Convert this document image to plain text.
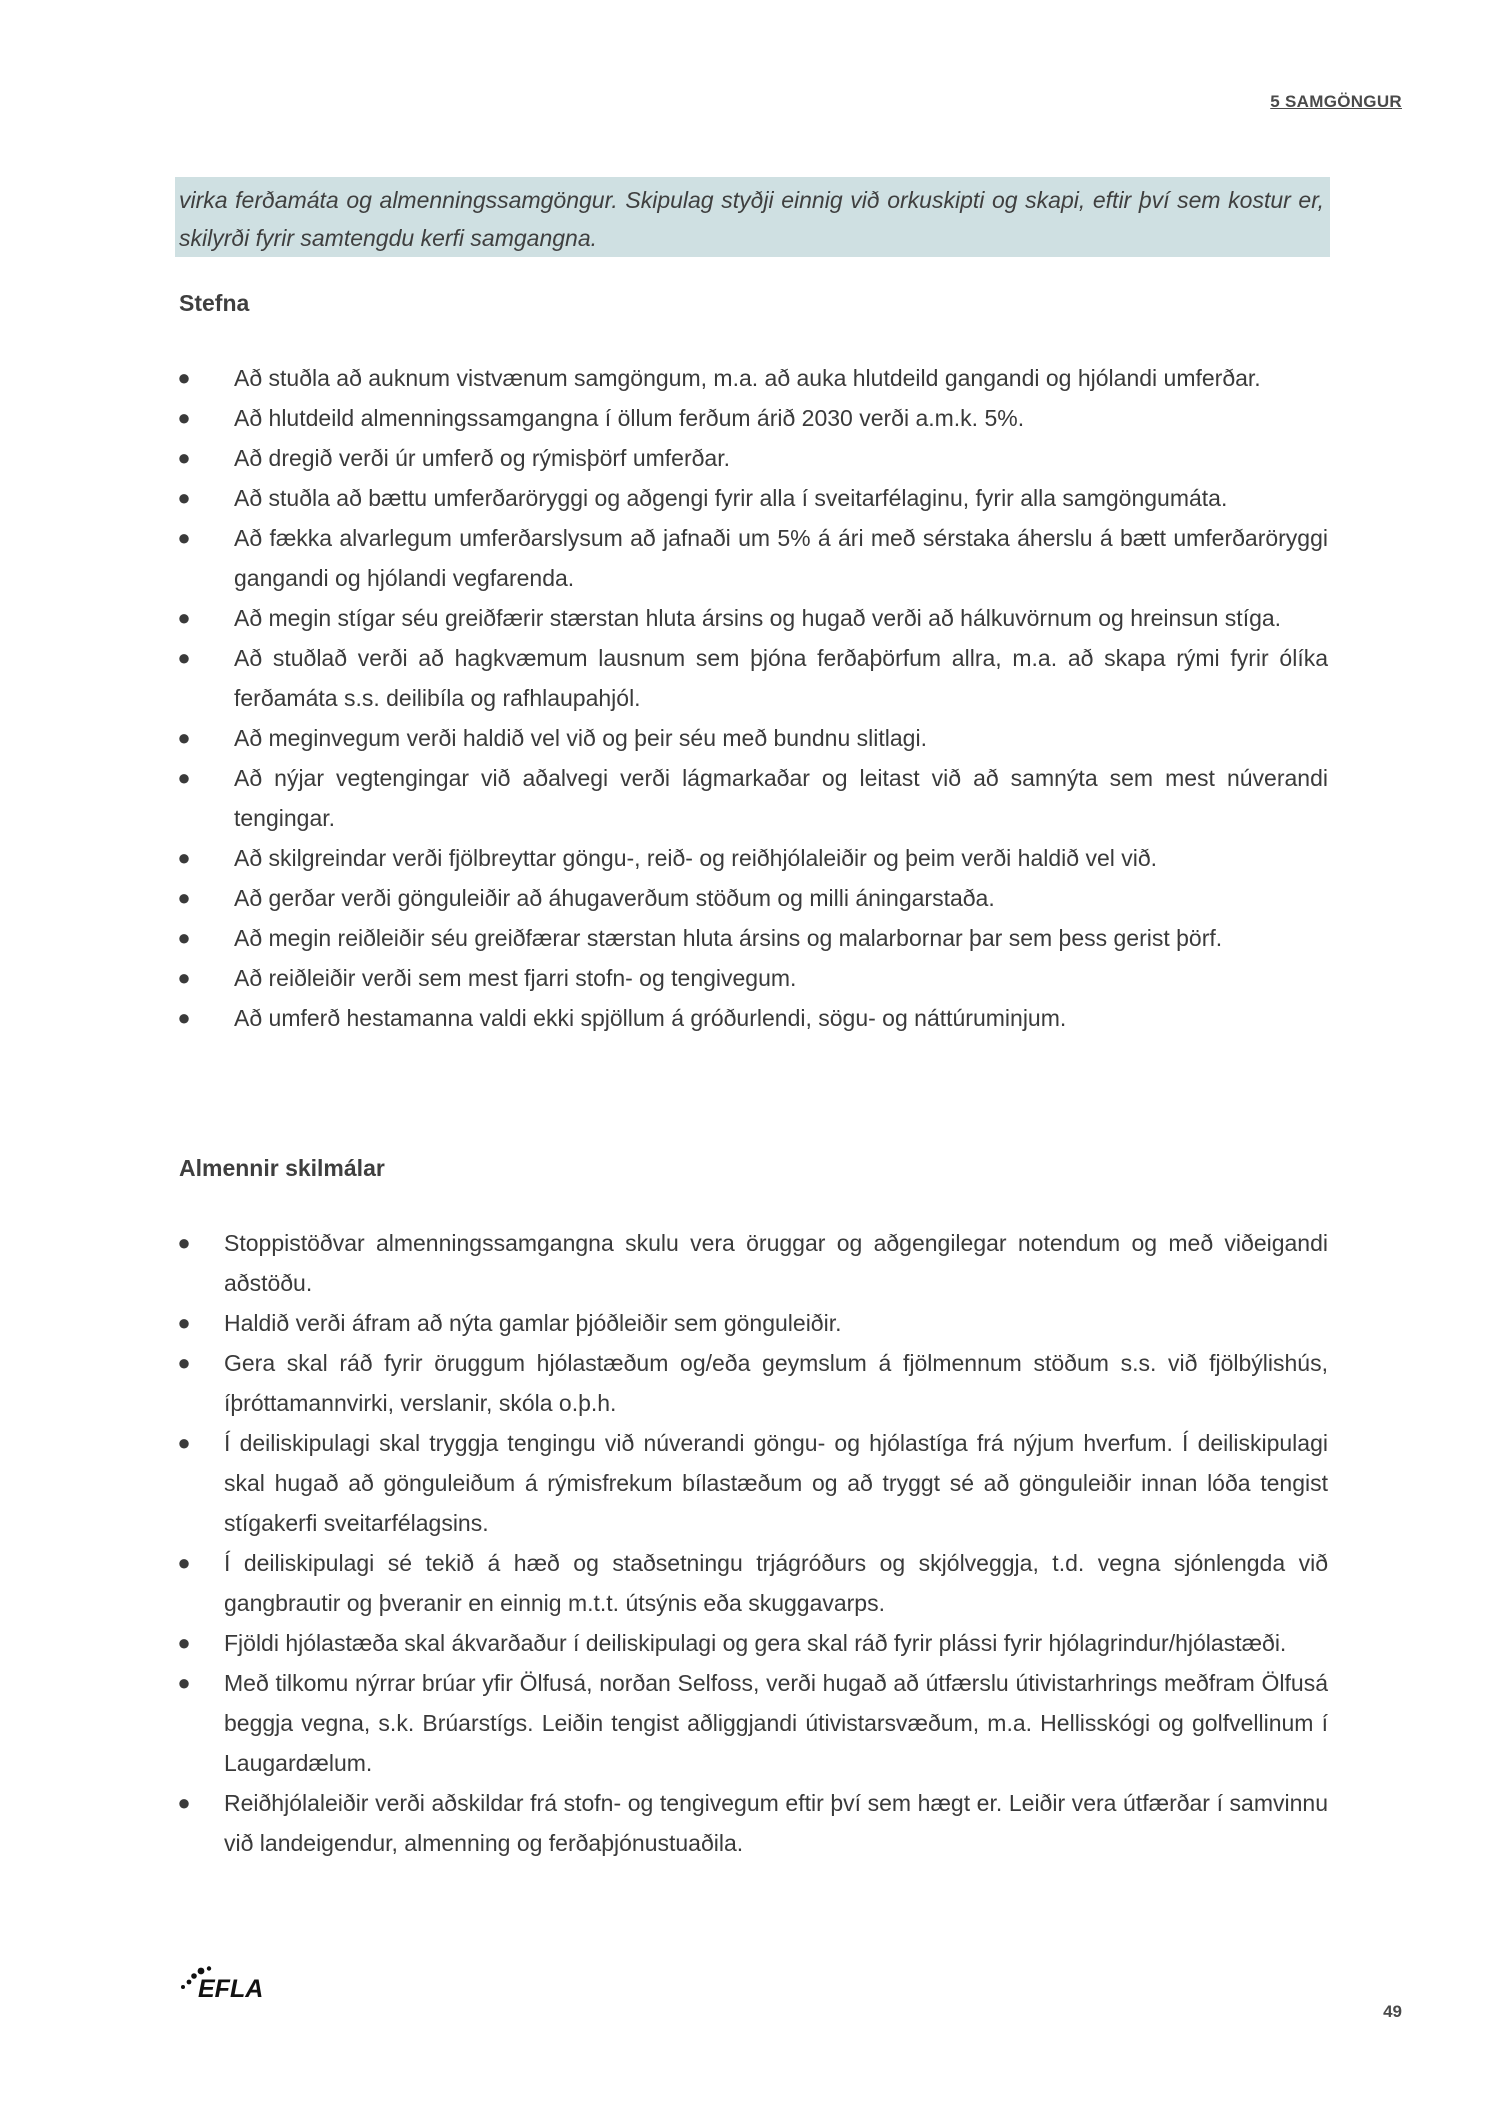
5 SAMGÖNGUR
virka ferðamáta og almenningssamgöngur. Skipulag styðji einnig við orkuskipti og skapi, eftir því sem kostur er, skilyrði fyrir samtengdu kerfi samgangna.
Stefna
● Að stuðla að auknum vistvænum samgöngum, m.a. að auka hlutdeild gangandi og hjólandi umferðar.
● Að hlutdeild almenningssamgangna í öllum ferðum árið 2030 verði a.m.k. 5%.
● Að dregið verði úr umferð og rýmisþörf umferðar.
● Að stuðla að bættu umferðaröryggi og aðgengi fyrir alla í sveitarfélaginu, fyrir alla samgöngumáta.
● Að fækka alvarlegum umferðarslysum að jafnaði um 5% á ári með sérstaka áherslu á bætt umferðaröryggi gangandi og hjólandi vegfarenda.
● Að megin stígar séu greiðfærir stærstan hluta ársins og hugað verði að hálkuvörnum og hreinsun stíga.
● Að stuðlað verði að hagkvæmum lausnum sem þjóna ferðaþörfum allra, m.a. að skapa rými fyrir ólíka ferðamáta s.s. deilibíla og rafhlaupahjól.
● Að meginvegum verði haldið vel við og þeir séu með bundnu slitlagi.
● Að nýjar vegtengingar við aðalvegi verði lágmarkaðar og leitast við að samnýta sem mest núverandi tengingar.
● Að skilgreindar verði fjölbreyttar göngu-, reið- og reiðhjólaleiðir og þeim verði haldið vel við.
● Að gerðar verði gönguleiðir að áhugaverðum stöðum og milli áningarstaða.
● Að megin reiðleiðir séu greiðfærar stærstan hluta ársins og malarbornar þar sem þess gerist þörf.
● Að reiðleiðir verði sem mest fjarri stofn- og tengivegum.
● Að umferð hestamanna valdi ekki spjöllum á gróðurlendi, sögu- og náttúruminjum.
Almennir skilmálar
● Stoppistöðvar almenningssamgangna skulu vera öruggar og aðgengilegar notendum og með viðeigandi aðstöðu.
● Haldið verði áfram að nýta gamlar þjóðleiðir sem gönguleiðir.
● Gera skal ráð fyrir öruggum hjólastæðum og/eða geymslum á fjölmennum stöðum s.s. við fjölbýlishús, íþróttamannvirki, verslanir, skóla o.þ.h.
● Í deiliskipulagi skal tryggja tengingu við núverandi göngu- og hjólastíga frá nýjum hverfum. Í deiliskipulagi skal hugað að gönguleiðum á rýmisfrekum bílastæðum og að tryggt sé að gönguleiðir innan lóða tengist stígakerfi sveitarfélagsins.
● Í deiliskipulagi sé tekið á hæð og staðsetningu trjágróðurs og skjólveggja, t.d. vegna sjónlengda við gangbrautir og þveranir en einnig m.t.t. útsýnis eða skuggavarps.
● Fjöldi hjólastæða skal ákvarðaður í deiliskipulagi og gera skal ráð fyrir plássi fyrir hjólagrindur/hjólastæði.
● Með tilkomu nýrrar brúar yfir Ölfusá, norðan Selfoss, verði hugað að útfærslu útivistarhrings meðfram Ölfusá beggja vegna, s.k. Brúarstígs. Leiðin tengist aðliggjandi útivistarsvæðum, m.a. Hellisskógi og golfvellinum í Laugardælum.
● Reiðhjólaleiðir verði aðskildar frá stofn- og tengivegum eftir því sem hægt er. Leiðir vera útfærðar í samvinnu við landeigendur, almenning og ferðaþjónustuaðila.
EFLA
49
